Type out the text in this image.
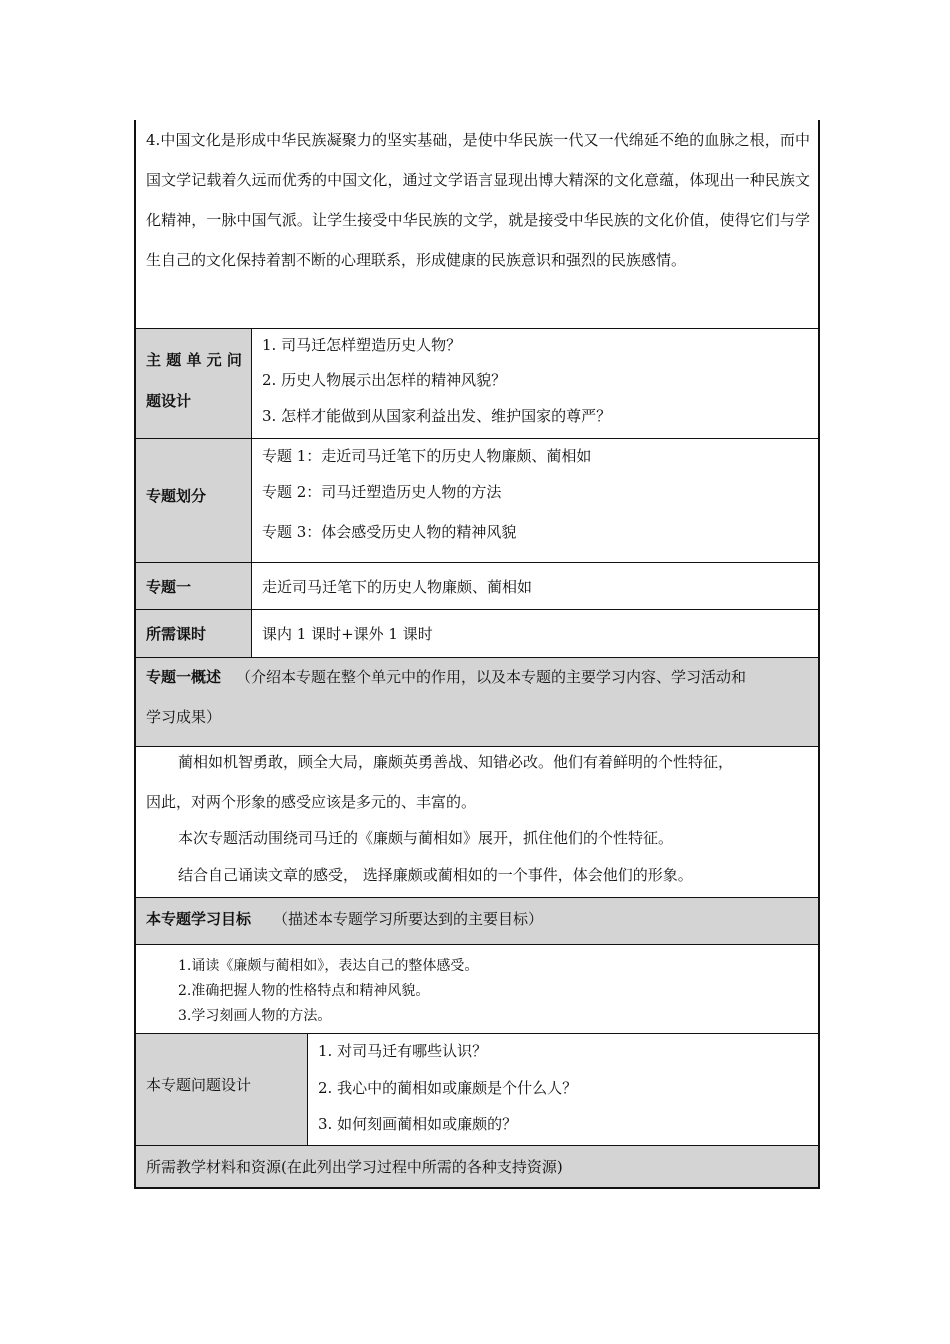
4.中国文化是形成中华民族凝聚力的坚实基础，是使中华民族一代又一代绵延不绝的血脉之根，而中国文学记载着久远而优秀的中国文化，通过文学语言显现出博大精深的文化意蕴，体现出一种民族文化精神，一脉中国气派。让学生接受中华民族的文学，就是接受中华民族的文化价值，使得它们与学生自己的文化保持着割不断的心理联系，形成健康的民族意识和强烈的民族感情。
主 题 单 元 问
题设计
1. 司马迁怎样塑造历史人物？
2. 历史人物展示出怎样的精神风貌？
3. 怎样才能做到从国家利益出发、维护国家的尊严？
专题划分
专题 1：走近司马迁笔下的历史人物廉颇、蔺相如
专题 2：司马迁塑造历史人物的方法
专题 3：体会感受历史人物的精神风貌
专题一	走近司马迁笔下的历史人物廉颇、蔺相如
所需课时	课内 1 课时+课外 1 课时
专题一概述 （介绍本专题在整个单元中的作用，以及本专题的主要学习内容、学习活动和
学习成果）
蔺相如机智勇敢，顾全大局，廉颇英勇善战、知错必改。他们有着鲜明的个性特征，
因此，对两个形象的感受应该是多元的、丰富的。
本次专题活动围绕司马迁的《廉颇与蔺相如》展开，抓住他们的个性特征。
结合自己诵读文章的感受， 选择廉颇或蔺相如的一个事件，体会他们的形象。
本专题学习目标 （描述本专题学习所要达到的主要目标）
1.诵读《廉颇与蔺相如》，表达自己的整体感受。
2.准确把握人物的性格特点和精神风貌。
3.学习刻画人物的方法。
本专题问题设计
1. 对司马迁有哪些认识？
2. 我心中的蔺相如或廉颇是个什么人？
3. 如何刻画蔺相如或廉颇的？
所需教学材料和资源(在此列出学习过程中所需的各种支持资源)
